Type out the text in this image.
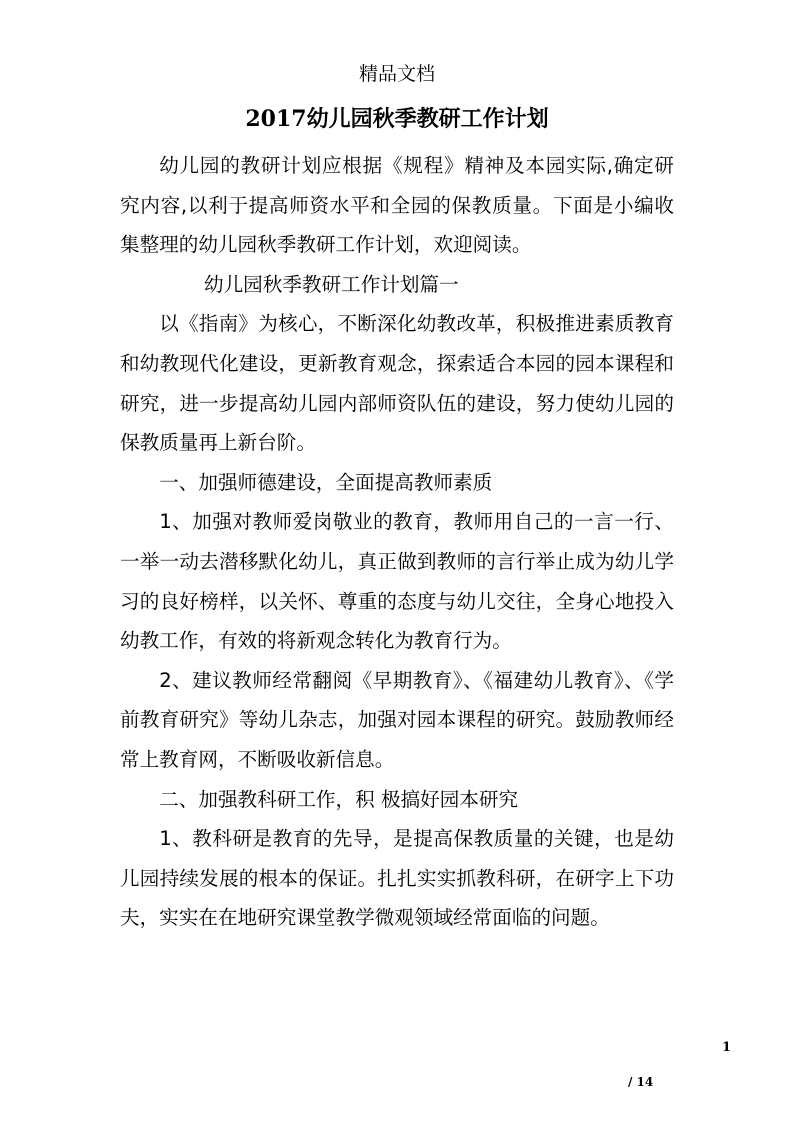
精品文档
2017幼儿园秋季教研工作计划

幼儿园的教研计划应根据《规程》精神及本园实际,确定研究内容,以利于提高师资水平和全园的保教质量。下面是小编收集整理的幼儿园秋季教研工作计划，欢迎阅读。

幼儿园秋季教研工作计划篇一

以《指南》为核心，不断深化幼教改革，积极推进素质教育和幼教现代化建设，更新教育观念，探索适合本园的园本课程和研究，进一步提高幼儿园内部师资队伍的建设，努力使幼儿园的保教质量再上新台阶。

一、加强师德建设，全面提高教师素质

1、加强对教师爱岗敬业的教育，教师用自己的一言一行、一举一动去潜移默化幼儿，真正做到教师的言行举止成为幼儿学习的良好榜样，以关怀、尊重的态度与幼儿交往，全身心地投入幼教工作，有效的将新观念转化为教育行为。

2、建议教师经常翻阅《早期教育》、《福建幼儿教育》、《学前教育研究》等幼儿杂志，加强对园本课程的研究。鼓励教师经常上教育网，不断吸收新信息。

二、加强教科研工作，积 极搞好园本研究

1、教科研是教育的先导，是提高保教质量的关键，也是幼儿园持续发展的根本的保证。扎扎实实抓教科研，在研字上下功夫，实实在在地研究课堂教学微观领域经常面临的问题。

1
/ 14
